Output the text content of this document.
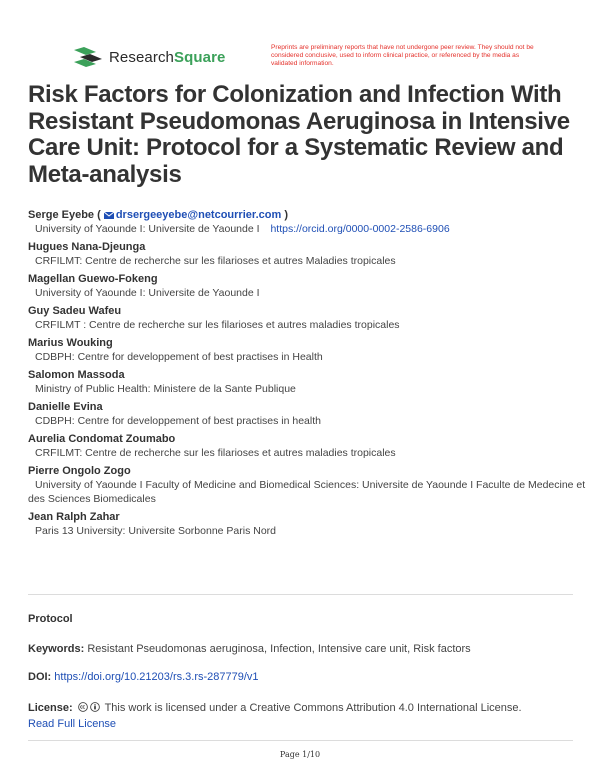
ResearchSquare
Preprints are preliminary reports that have not undergone peer review. They should not be considered conclusive, used to inform clinical practice, or referenced by the media as validated information.
Risk Factors for Colonization and Infection With Resistant Pseudomonas Aeruginosa in Intensive Care Unit: Protocol for a Systematic Review and Meta-analysis
Serge Eyebe ( drsergeeyebe@netcourrier.com )
University of Yaounde I: Universite de Yaounde I https://orcid.org/0000-0002-2586-6906
Hugues Nana-Djeunga
CRFILMT: Centre de recherche sur les filarioses et autres Maladies tropicales
Magellan Guewo-Fokeng
University of Yaounde I: Universite de Yaounde I
Guy Sadeu Wafeu
CRFILMT : Centre de recherche sur les filarioses et autres maladies tropicales
Marius Wouking
CDBPH: Centre for developpement of best practises in Health
Salomon Massoda
Ministry of Public Health: Ministere de la Sante Publique
Danielle Evina
CDBPH: Centre for developpement of best practises in health
Aurelia Condomat Zoumabo
CRFILMT: Centre de recherche sur les filarioses et autres maladies tropicales
Pierre Ongolo Zogo
University of Yaounde I Faculty of Medicine and Biomedical Sciences: Universite de Yaounde I Faculte de Medecine et des Sciences Biomedicales
Jean Ralph Zahar
Paris 13 University: Universite Sorbonne Paris Nord
Protocol
Keywords: Resistant Pseudomonas aeruginosa, Infection, Intensive care unit, Risk factors
DOI: https://doi.org/10.21203/rs.3.rs-287779/v1
License:	This work is licensed under a Creative Commons Attribution 4.0 International License.
Read Full License
Page 1/10
